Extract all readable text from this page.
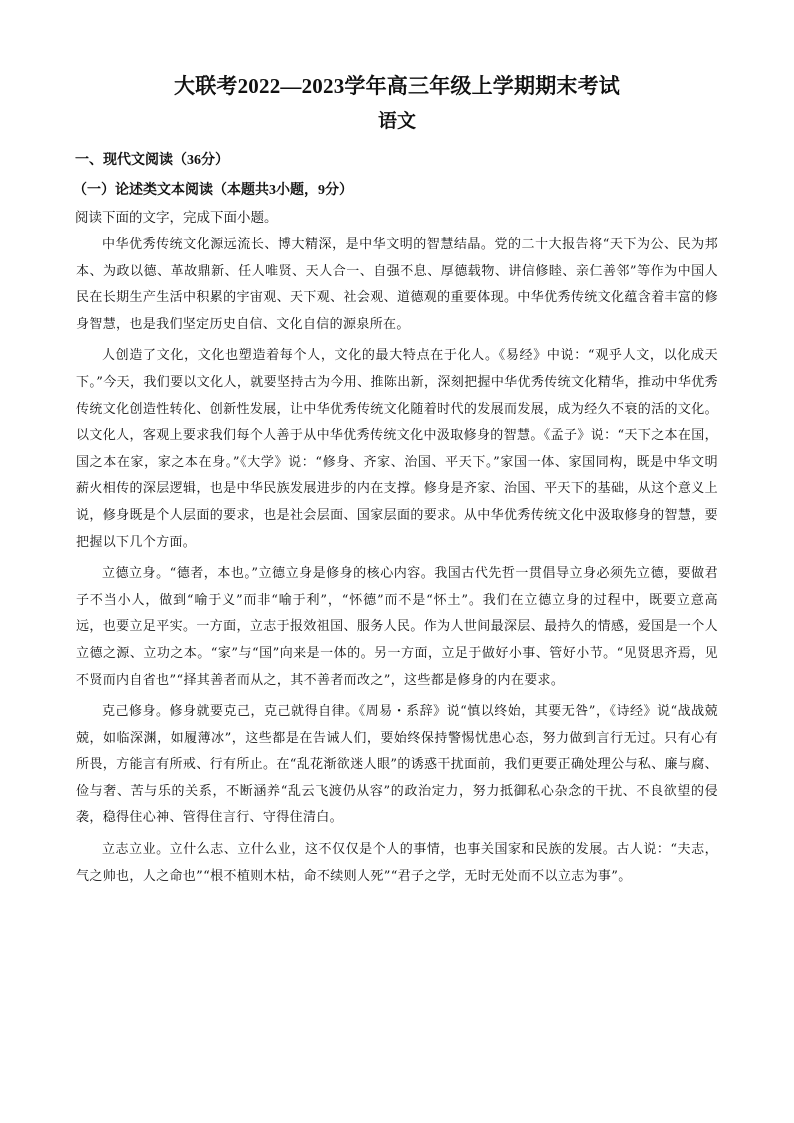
大联考2022—2023学年高三年级上学期期末考试
语文
一、现代文阅读（36分）
（一）论述类文本阅读（本题共3小题，9分）
阅读下面的文字，完成下面小题。

中华优秀传统文化源远流长、博大精深，是中华文明的智慧结晶。党的二十大报告将“天下为公、民为邦本、为政以德、革故鼎新、任人唯贤、天人合一、自强不息、厚德载物、讲信修睦、亲仁善邻”等作为中国人民在长期生产生活中积累的宇宙观、天下观、社会观、道德观的重要体现。中华优秀传统文化蕴含着丰富的修身智慧，也是我们坚定历史自信、文化自信的源泉所在。

人创造了文化，文化也塑造着每个人，文化的最大特点在于化人。《易经》中说：“观乎人文，以化成天下。”今天，我们要以文化人，就要坚持古为今用、推陈出新，深刻把握中华优秀传统文化精华，推动中华优秀传统文化创造性转化、创新性发展，让中华优秀传统文化随着时代的发展而发展，成为经久不衰的活的文化。以文化人，客观上要求我们每个人善于从中华优秀传统文化中汲取修身的智慧。《孟子》说：“天下之本在国，国之本在家，家之本在身。”《大学》说：“修身、齐家、治国、平天下。”家国一体、家国同构，既是中华文明薪火相传的深层逻辑，也是中华民族发展进步的内在支撑。修身是齐家、治国、平天下的基础，从这个意义上说，修身既是个人层面的要求，也是社会层面、国家层面的要求。从中华优秀传统文化中汲取修身的智慧，要把握以下几个方面。

立德立身。“德者，本也。”立德立身是修身的核心内容。我国古代先哲一贯倡导立身必须先立德，要做君子不当小人，做到“喻于义”而非“喻于利”，“怀德”而不是“怀土”。我们在立德立身的过程中，既要立意高远，也要立足平实。一方面，立志于报效祖国、服务人民。作为人世间最深层、最持久的情感，爱国是一个人立德之源、立功之本。“家”与“国”向来是一体的。另一方面，立足于做好小事、管好小节。“见贤思齐焉，见不贤而内自省也”“择其善者而从之，其不善者而改之”，这些都是修身的内在要求。

克己修身。修身就要克己，克己就得自律。《周易・系辞》说“慎以终始，其要无咎”，《诗经》说“战战兢兢，如临深渊，如履薄冰”，这些都是在告诫人们，要始终保持警惕忧患心态，努力做到言行无过。只有心有所畏，方能言有所戒、行有所止。在“乱花渐欲迷人眼”的诱惑干扰面前，我们更要正确处理公与私、廉与腐、俭与奢、苦与乐的关系，不断涵养“乱云飞渡仍从容”的政治定力，努力抵御私心杂念的干扰、不良欲望的侵袭，稳得住心神、管得住言行、守得住清白。

立志立业。立什么志、立什么业，这不仅仅是个人的事情，也事关国家和民族的发展。古人说：“夫志，气之帅也，人之命也”“根不植则木枯，命不续则人死”“君子之学，无时无处而不以立志为事”。
